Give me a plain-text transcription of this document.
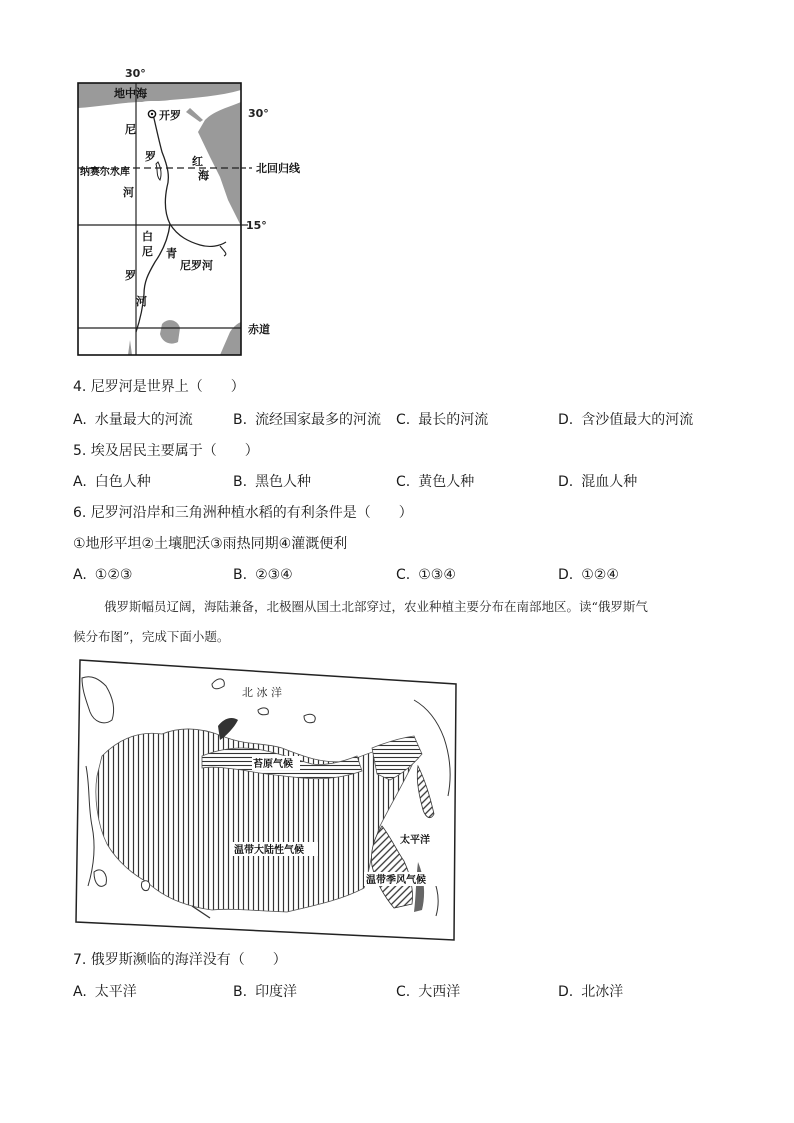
30°
30°
地中海
开罗
北回归线
纳赛尔水库
红
海
尼
罗
河
15°
白
尼
罗
河
青
尼罗河
赤道
4. 尼罗河是世界上（　　）
A. 水量最大的河流	B. 流经国家最多的河流 C. 最长的河流	D. 含沙值最大的河流
5. 埃及居民主要属于（　　）
A. 白色人种	B. 黑色人种	C. 黄色人种	D. 混血人种
6. 尼罗河沿岸和三角洲种植水稻的有利条件是（　　）
①地形平坦②土壤肥沃③雨热同期④灌溉便利
A. ①②③	B. ②③④	C. ①③④	D. ①②④
俄罗斯幅员辽阔，海陆兼备，北极圈从国土北部穿过，农业种植主要分布在南部地区。读“俄罗斯气
候分布图”，完成下面小题。
北 冰 洋
苔原气候
温带大陆性气候
太平洋
温带季风气候
7. 俄罗斯濒临的海洋没有（　　）
A. 太平洋	B. 印度洋	C. 大西洋	D. 北冰洋
